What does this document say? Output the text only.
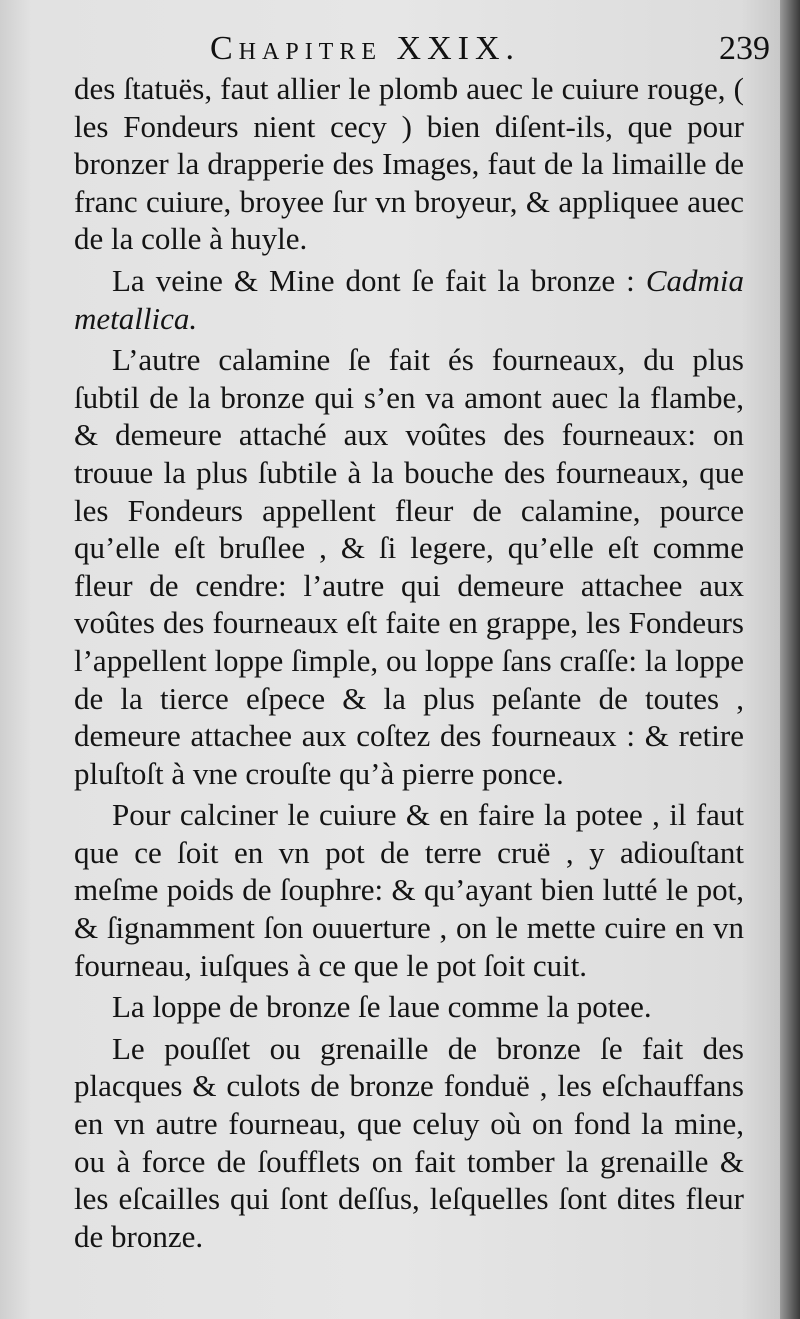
Chapitre XXIX.	239

des ſtatuës, faut allier le plomb auec le cuiure rouge, ( les Fondeurs nient cecy ) bien diſent-ils, que pour bronzer la drapperie des Images, faut de la limaille de franc cuiure, broyee ſur vn broyeur, & appliquee auec de la colle à huyle.

La veine & Mine dont ſe fait la bronze : Cadmia metallica.

L’autre calamine ſe fait és fourneaux, du plus ſubtil de la bronze qui s’en va amont auec la flambe, & demeure attaché aux voûtes des fourneaux: on trouue la plus ſubtile à la bouche des fourneaux, que les Fondeurs appellent fleur de calamine, pource qu’elle eſt bruſlee , & ſi legere, qu’elle eſt comme fleur de cendre: l’autre qui demeure attachee aux voûtes des fourneaux eſt faite en grappe, les Fondeurs l’appellent loppe ſimple, ou loppe ſans craſſe: la loppe de la tierce eſpece & la plus peſante de toutes , demeure attachee aux coſtez des fourneaux : & retire pluſtoſt à vne crouſte qu’à pierre ponce.

Pour calciner le cuiure & en faire la potee , il faut que ce ſoit en vn pot de terre cruë , y adiouſtant meſme poids de ſouphre: & qu’ayant bien lutté le pot, & ſignamment ſon ouuerture , on le mette cuire en vn fourneau, iuſques à ce que le pot ſoit cuit.

La loppe de bronze ſe laue comme la potee.

Le pouſſet ou grenaille de bronze ſe fait des placques & culots de bronze fonduë , les eſchauffans en vn autre fourneau, que celuy où on fond la mine, ou à force de ſoufflets on fait tomber la grenaille & les eſcailles qui ſont deſſus, leſquelles ſont dites fleur de bronze.
